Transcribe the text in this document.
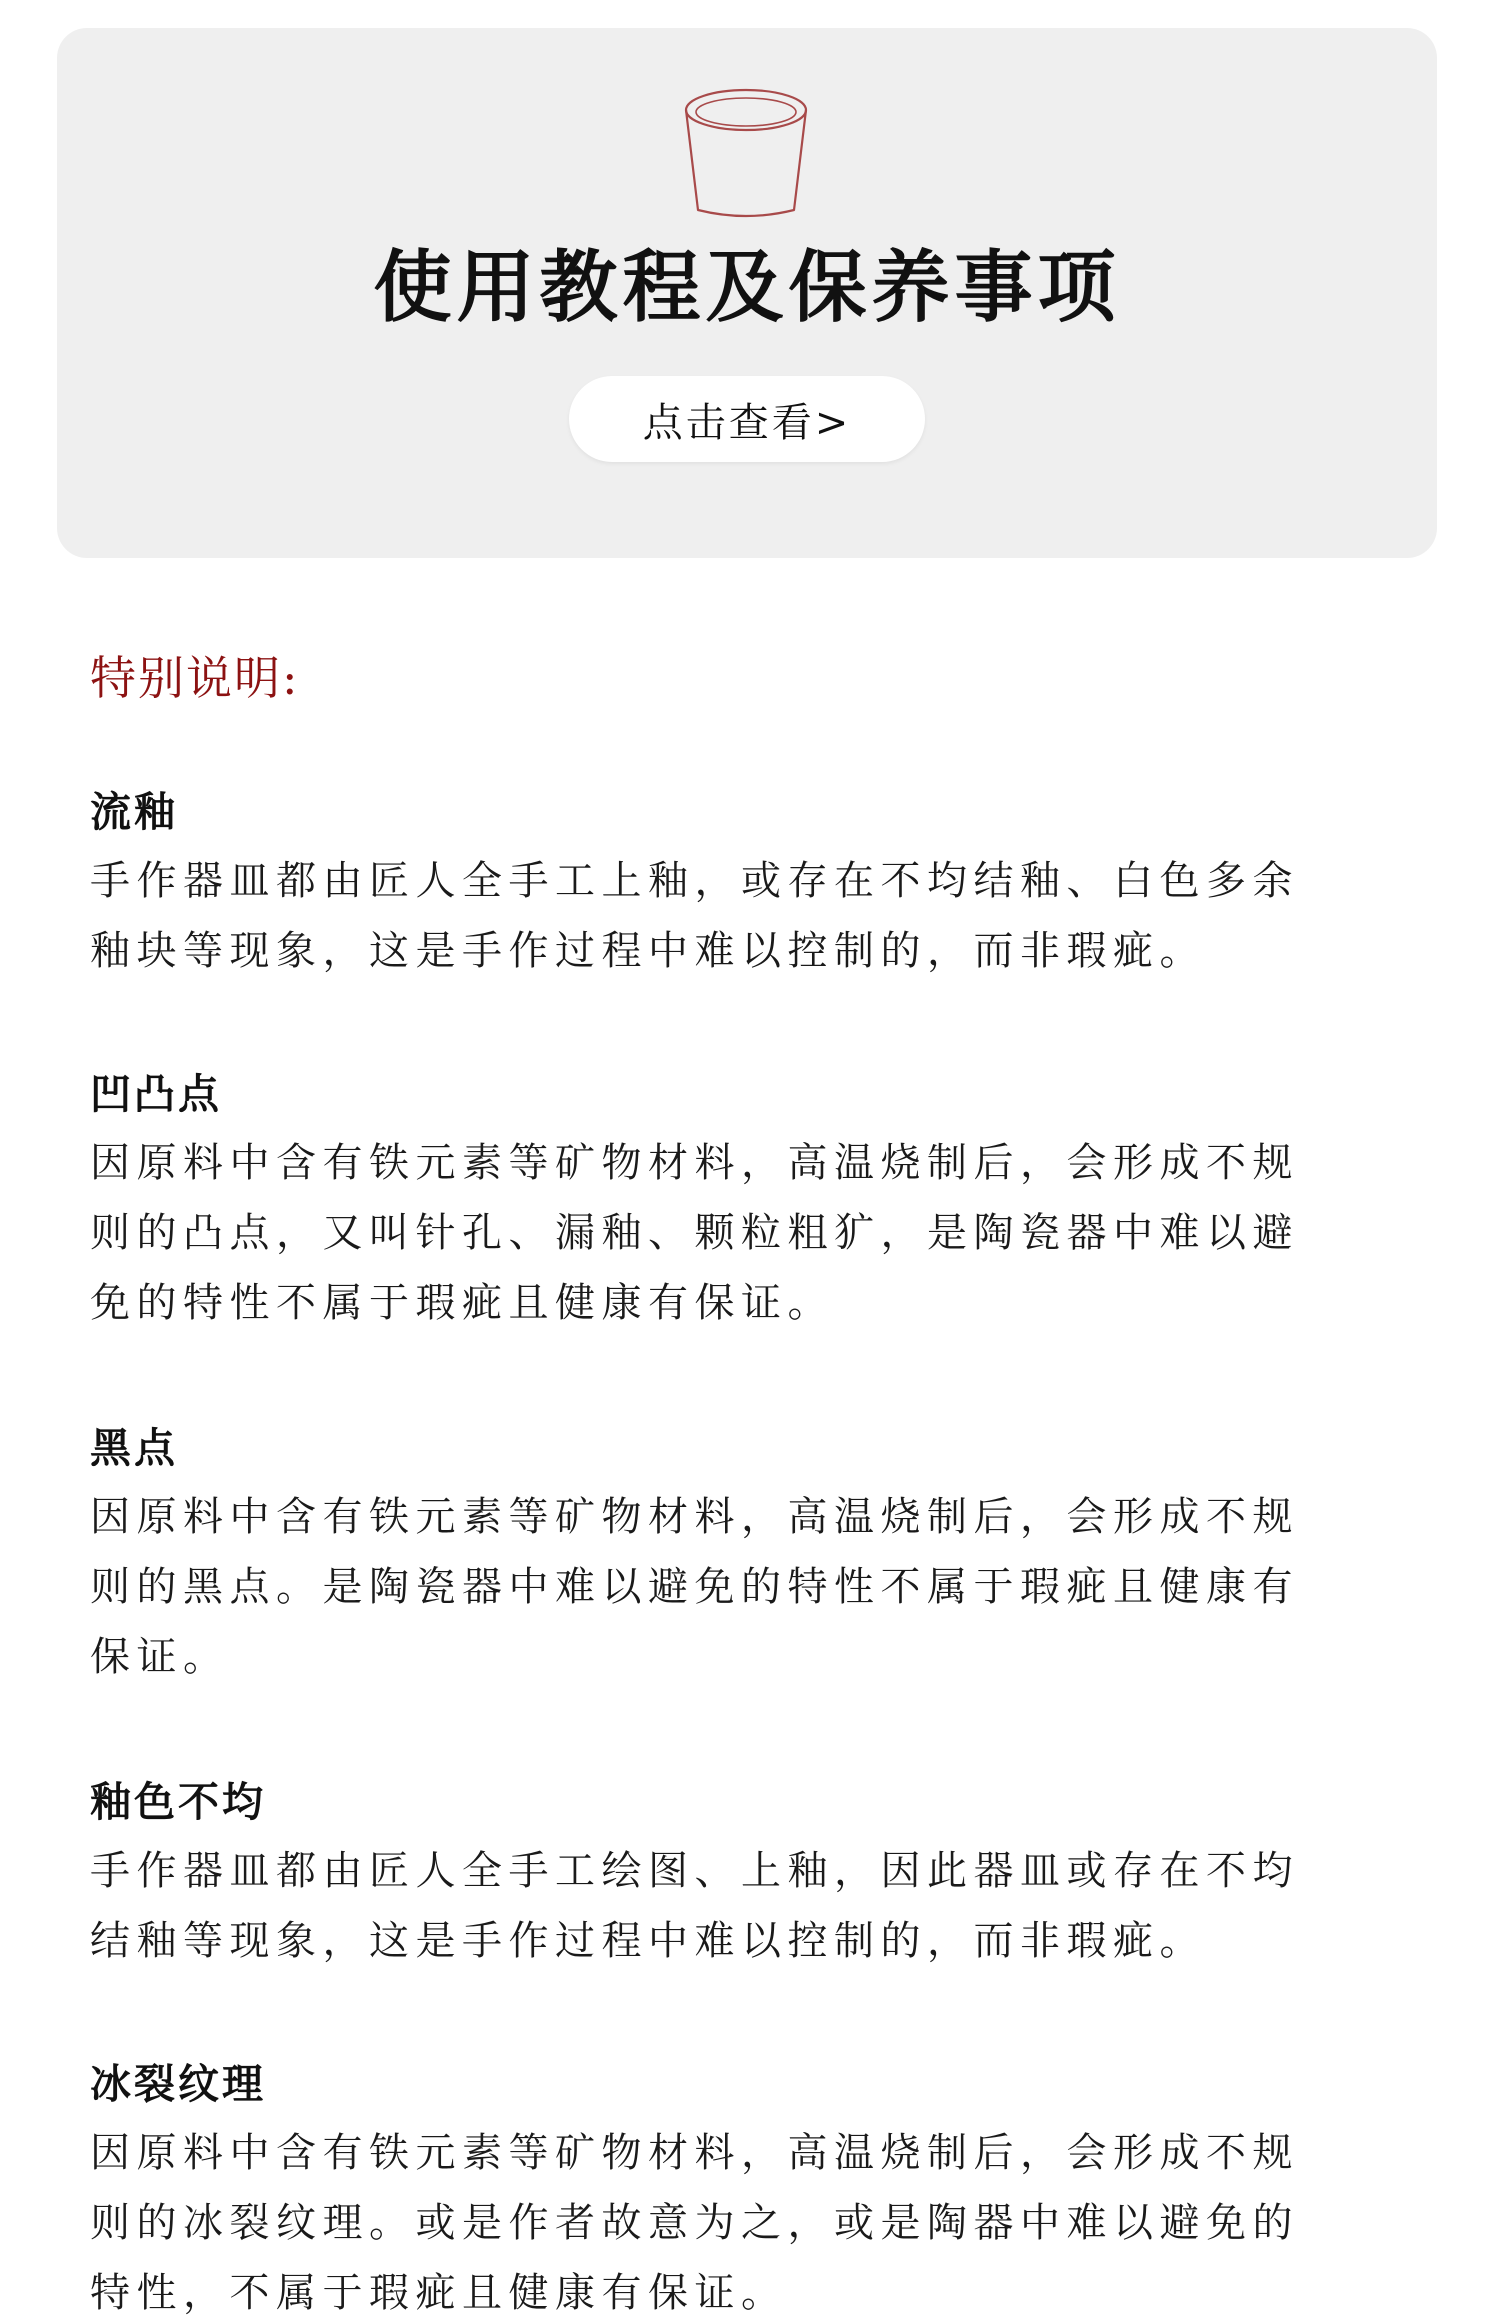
使用教程及保养事项
点击查看>
特别说明:

流釉

手作器皿都由匠人全手工上釉，或存在不均结釉、白色多余
釉块等现象，这是手作过程中难以控制的，而非瑕疵。

凹凸点

因原料中含有铁元素等矿物材料，高温烧制后，会形成不规
则的凸点，又叫针孔、漏釉、颗粒粗犷，是陶瓷器中难以避
免的特性不属于瑕疵且健康有保证。

黑点

因原料中含有铁元素等矿物材料，高温烧制后，会形成不规
则的黑点。是陶瓷器中难以避免的特性不属于瑕疵且健康有
保证。

釉色不均

手作器皿都由匠人全手工绘图、上釉，因此器皿或存在不均
结釉等现象，这是手作过程中难以控制的，而非瑕疵。

冰裂纹理

因原料中含有铁元素等矿物材料，高温烧制后，会形成不规
则的冰裂纹理。或是作者故意为之，或是陶器中难以避免的
特性，不属于瑕疵且健康有保证。
